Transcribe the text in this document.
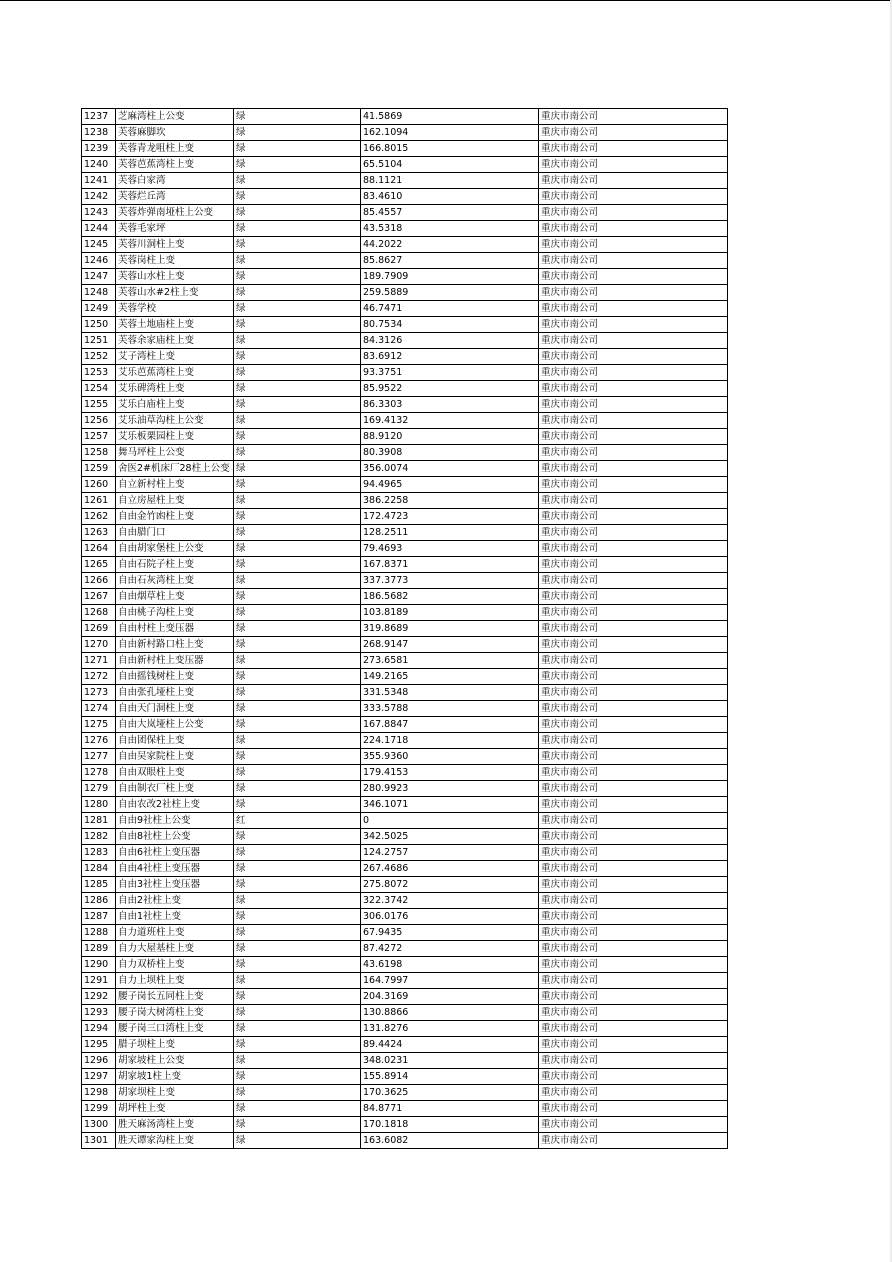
1237	芝麻湾柱上公变	绿	41.5869	重庆市南公司
1238	芙蓉麻脚坎	绿	162.1094	重庆市南公司
1239	芙蓉青龙咀柱上变	绿	166.8015	重庆市南公司
1240	芙蓉芭蕉湾柱上变	绿	65.5104	重庆市南公司
1241	芙蓉白家湾	绿	88.1121	重庆市南公司
1242	芙蓉烂丘湾	绿	83.4610	重庆市南公司
1243	芙蓉炸弹南垭柱上公变	绿	85.4557	重庆市南公司
1244	芙蓉毛家坪	绿	43.5318	重庆市南公司
1245	芙蓉川洞柱上变	绿	44.2022	重庆市南公司
1246	芙蓉岗柱上变	绿	85.8627	重庆市南公司
1247	芙蓉山水柱上变	绿	189.7909	重庆市南公司
1248	芙蓉山水#2柱上变	绿	259.5889	重庆市南公司
1249	芙蓉学校	绿	46.7471	重庆市南公司
1250	芙蓉土地庙柱上变	绿	80.7534	重庆市南公司
1251	芙蓉余家庙柱上变	绿	84.3126	重庆市南公司
1252	艾子湾柱上变	绿	83.6912	重庆市南公司
1253	艾乐芭蕉湾柱上变	绿	93.3751	重庆市南公司
1254	艾乐碑湾柱上变	绿	85.9522	重庆市南公司
1255	艾乐白庙柱上变	绿	86.3303	重庆市南公司
1256	艾乐油草沟柱上公变	绿	169.4132	重庆市南公司
1257	艾乐板栗园柱上变	绿	88.9120	重庆市南公司
1258	舞马坪柱上公变	绿	80.3908	重庆市南公司
1259	舍医2#机床厂28柱上公变	绿	356.0074	重庆市南公司
1260	自立新村柱上变	绿	94.4965	重庆市南公司
1261	自立房屋柱上变	绿	386.2258	重庆市南公司
1262	自由金竹凼柱上变	绿	172.4723	重庆市南公司
1263	自由腊门口	绿	128.2511	重庆市南公司
1264	自由胡家堡柱上公变	绿	79.4693	重庆市南公司
1265	自由石院子柱上变	绿	167.8371	重庆市南公司
1266	自由石灰湾柱上变	绿	337.3773	重庆市南公司
1267	自由烟草柱上变	绿	186.5682	重庆市南公司
1268	自由桃子沟柱上变	绿	103.8189	重庆市南公司
1269	自由村柱上变压器	绿	319.8689	重庆市南公司
1270	自由新村路口柱上变	绿	268.9147	重庆市南公司
1271	自由新村柱上变压器	绿	273.6581	重庆市南公司
1272	自由摇钱树柱上变	绿	149.2165	重庆市南公司
1273	自由张孔垭柱上变	绿	331.5348	重庆市南公司
1274	自由天门洞柱上变	绿	333.5788	重庆市南公司
1275	自由大岚垭柱上公变	绿	167.8847	重庆市南公司
1276	自由团保柱上变	绿	224.1718	重庆市南公司
1277	自由吴家院柱上变	绿	355.9360	重庆市南公司
1278	自由双眼柱上变	绿	179.4153	重庆市南公司
1279	自由制衣厂柱上变	绿	280.9923	重庆市南公司
1280	自由农改2社柱上变	绿	346.1071	重庆市南公司
1281	自由9社柱上公变	红	0	重庆市南公司
1282	自由8社柱上公变	绿	342.5025	重庆市南公司
1283	自由6社柱上变压器	绿	124.2757	重庆市南公司
1284	自由4社柱上变压器	绿	267.4686	重庆市南公司
1285	自由3社柱上变压器	绿	275.8072	重庆市南公司
1286	自由2社柱上变	绿	322.3742	重庆市南公司
1287	自由1社柱上变	绿	306.0176	重庆市南公司
1288	自力道班柱上变	绿	67.9435	重庆市南公司
1289	自力大屋基柱上变	绿	87.4272	重庆市南公司
1290	自力双桥柱上变	绿	43.6198	重庆市南公司
1291	自力上坝柱上变	绿	164.7997	重庆市南公司
1292	腰子岗长五同柱上变	绿	204.3169	重庆市南公司
1293	腰子岗大树湾柱上变	绿	130.8866	重庆市南公司
1294	腰子岗三口湾柱上变	绿	131.8276	重庆市南公司
1295	腊子坝柱上变	绿	89.4424	重庆市南公司
1296	胡家坡柱上公变	绿	348.0231	重庆市南公司
1297	胡家坡1柱上变	绿	155.8914	重庆市南公司
1298	胡家坝柱上变	绿	170.3625	重庆市南公司
1299	胡坪柱上变	绿	84.8771	重庆市南公司
1300	胜天麻汤湾柱上变	绿	170.1818	重庆市南公司
1301	胜天谭家沟柱上变	绿	163.6082	重庆市南公司
